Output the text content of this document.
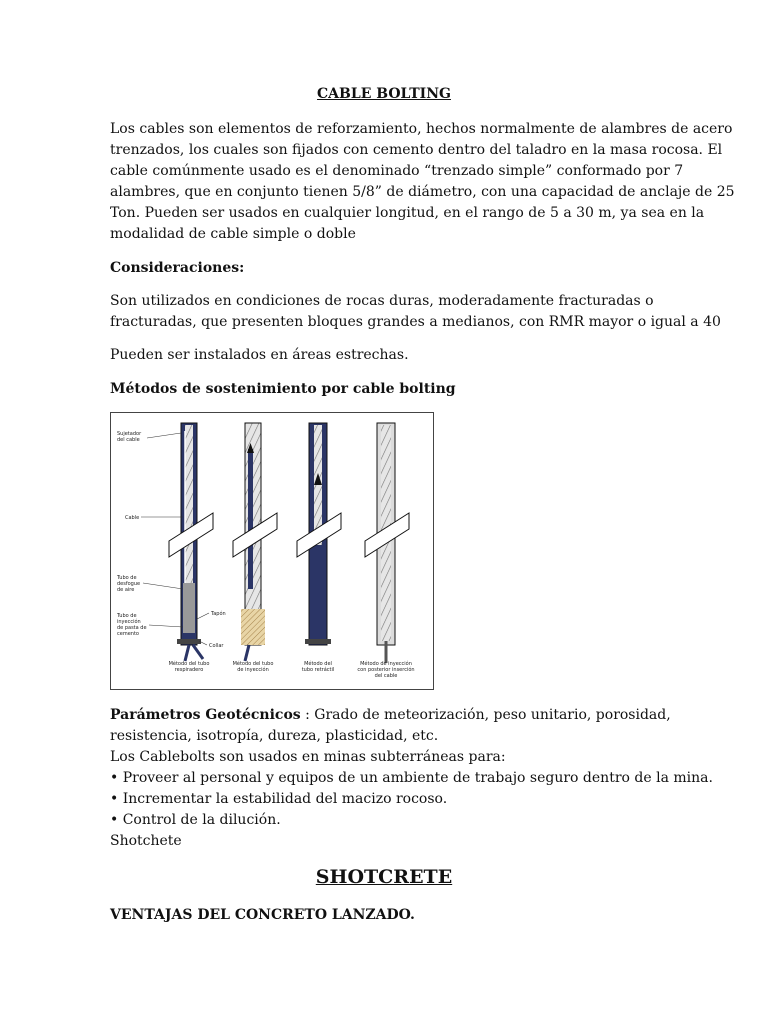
CABLE BOLTING
Los cables son elementos de reforzamiento, hechos normalmente de alambres de acero
trenzados, los cuales son fijados con cemento dentro del taladro en la masa rocosa. El
cable comúnmente usado es el denominado “trenzado simple” conformado por 7
alambres, que en conjunto tienen 5/8” de diámetro, con una capacidad de anclaje de 25
Ton. Pueden ser usados en cualquier longitud, en el rango de 5 a 30 m, ya sea en la
modalidad de cable simple o doble
Consideraciones:
Son utilizados en condiciones de rocas duras, moderadamente fracturadas o
fracturadas, que presenten bloques grandes a medianos, con RMR mayor o igual a 40
Pueden ser instalados en áreas estrechas.
Métodos de sostenimiento por cable bolting
Sujetador
del cable
Cable
Tubo de
desfogue
de aire
Tubo de
inyección
de pasta de
cemento
Tapón
Collar
Método del tubo
respiradero
Método del tubo
de inyección
Método del
tubo retráctil
Método de inyección
con posterior inserción
del cable
Parámetros Geotécnicos : Grado de meteorización, peso unitario, porosidad,
resistencia, isotropía, dureza, plasticidad, etc.
Los Cablebolts son usados en minas subterráneas para:
• Proveer al personal y equipos de un ambiente de trabajo seguro dentro de la mina.
• Incrementar la estabilidad del macizo rocoso.
• Control de la dilución.
Shotchete
SHOTCRETE
VENTAJAS DEL CONCRETO LANZADO.
